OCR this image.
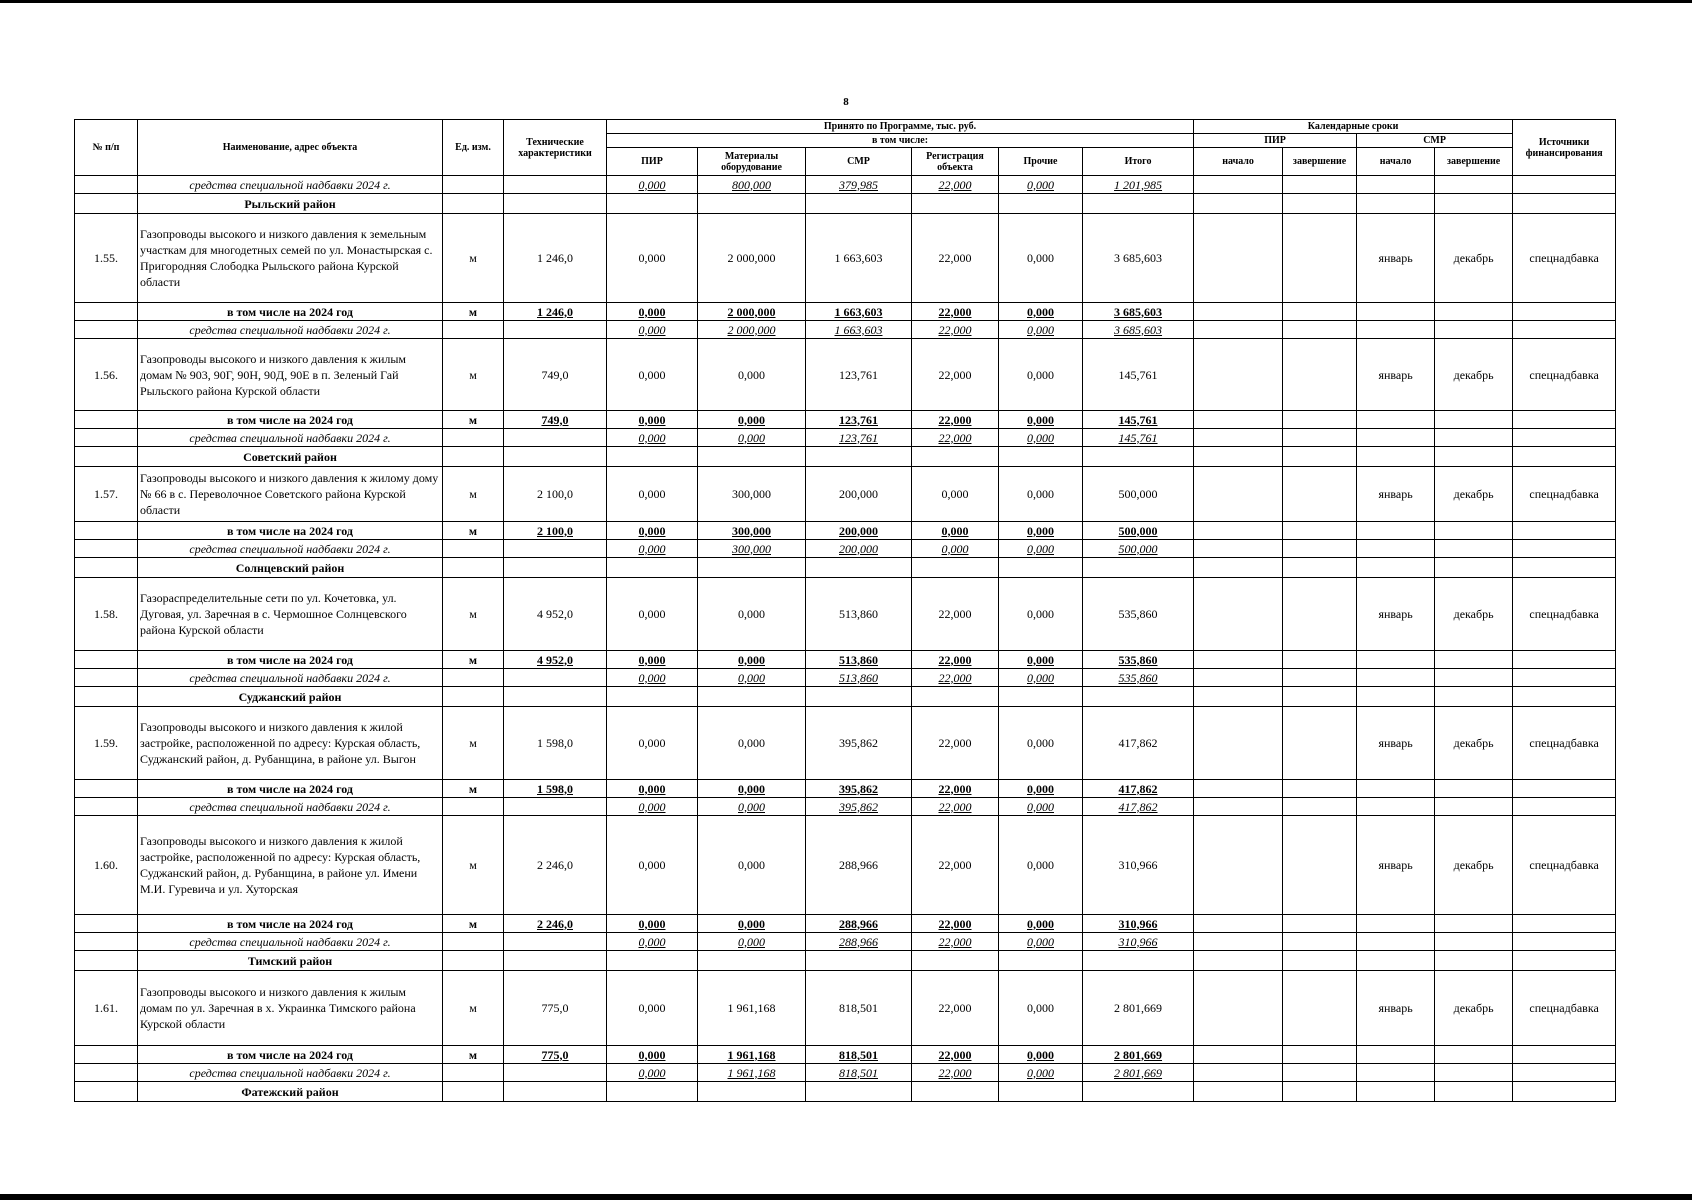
8
№ п/п	Наименование, адрес объекта	Ед. изм.	Технические характеристики	Принято по Программе, тыс. руб.						Календарные сроки				Источники финансирования
				в том числе:						ПИР		СМР		
				ПИР	Материалы оборудование	СМР	Регистрация объекта	Прочие	Итого	начало	завершение	начало	завершение	
	средства специальной надбавки 2024 г.			0,000	800,000	379,985	22,000	0,000	1 201,985					
	Рыльский район													
1.55.	Газопроводы высокого и низкого давления к земельным участкам для многодетных семей по ул. Монастырская с. Пригородняя Слободка Рыльского района Курской области	м	1 246,0	0,000	2 000,000	1 663,603	22,000	0,000	3 685,603			январь	декабрь	спецнадбавка
	в том числе на 2024 год	м	1 246,0	0,000	2 000,000	1 663,603	22,000	0,000	3 685,603					
	средства специальной надбавки 2024 г.			0,000	2 000,000	1 663,603	22,000	0,000	3 685,603					
1.56.	Газопроводы высокого и низкого давления к жилым домам № 903, 90Г, 90Н, 90Д, 90Е в п. Зеленый Гай Рыльского района Курской области	м	749,0	0,000	0,000	123,761	22,000	0,000	145,761			январь	декабрь	спецнадбавка
	в том числе на 2024 год	м	749,0	0,000	0,000	123,761	22,000	0,000	145,761					
	средства специальной надбавки 2024 г.			0,000	0,000	123,761	22,000	0,000	145,761					
	Советский район													
1.57.	Газопроводы высокого и низкого давления к жилому дому № 66 в с. Переволочное Советского района Курской области	м	2 100,0	0,000	300,000	200,000	0,000	0,000	500,000			январь	декабрь	спецнадбавка
	в том числе на 2024 год	м	2 100,0	0,000	300,000	200,000	0,000	0,000	500,000					
	средства специальной надбавки 2024 г.			0,000	300,000	200,000	0,000	0,000	500,000					
	Солнцевский район													
1.58.	Газораспределительные сети по ул. Кочетовка, ул. Дуговая, ул. Заречная в с. Чермошное Солнцевского района Курской области	м	4 952,0	0,000	0,000	513,860	22,000	0,000	535,860			январь	декабрь	спецнадбавка
	в том числе на 2024 год	м	4 952,0	0,000	0,000	513,860	22,000	0,000	535,860					
	средства специальной надбавки 2024 г.			0,000	0,000	513,860	22,000	0,000	535,860					
	Суджанский район													
1.59.	Газопроводы высокого и низкого давления к жилой застройке, расположенной по адресу: Курская область, Суджанский район, д. Рубанщина, в районе ул. Выгон	м	1 598,0	0,000	0,000	395,862	22,000	0,000	417,862			январь	декабрь	спецнадбавка
	в том числе на 2024 год	м	1 598,0	0,000	0,000	395,862	22,000	0,000	417,862					
	средства специальной надбавки 2024 г.			0,000	0,000	395,862	22,000	0,000	417,862					
1.60.	Газопроводы высокого и низкого давления к жилой застройке, расположенной по адресу: Курская область, Суджанский район, д. Рубанщина, в районе ул. Имени М.И. Гуревича и ул. Хуторская	м	2 246,0	0,000	0,000	288,966	22,000	0,000	310,966			январь	декабрь	спецнадбавка
	в том числе на 2024 год	м	2 246,0	0,000	0,000	288,966	22,000	0,000	310,966					
	средства специальной надбавки 2024 г.			0,000	0,000	288,966	22,000	0,000	310,966					
	Тимский район													
1.61.	Газопроводы высокого и низкого давления к жилым домам по ул. Заречная в х. Украинка Тимского района Курской области	м	775,0	0,000	1 961,168	818,501	22,000	0,000	2 801,669			январь	декабрь	спецнадбавка
	в том числе на 2024 год	м	775,0	0,000	1 961,168	818,501	22,000	0,000	2 801,669					
	средства специальной надбавки 2024 г.			0,000	1 961,168	818,501	22,000	0,000	2 801,669					
	Фатежский район													
